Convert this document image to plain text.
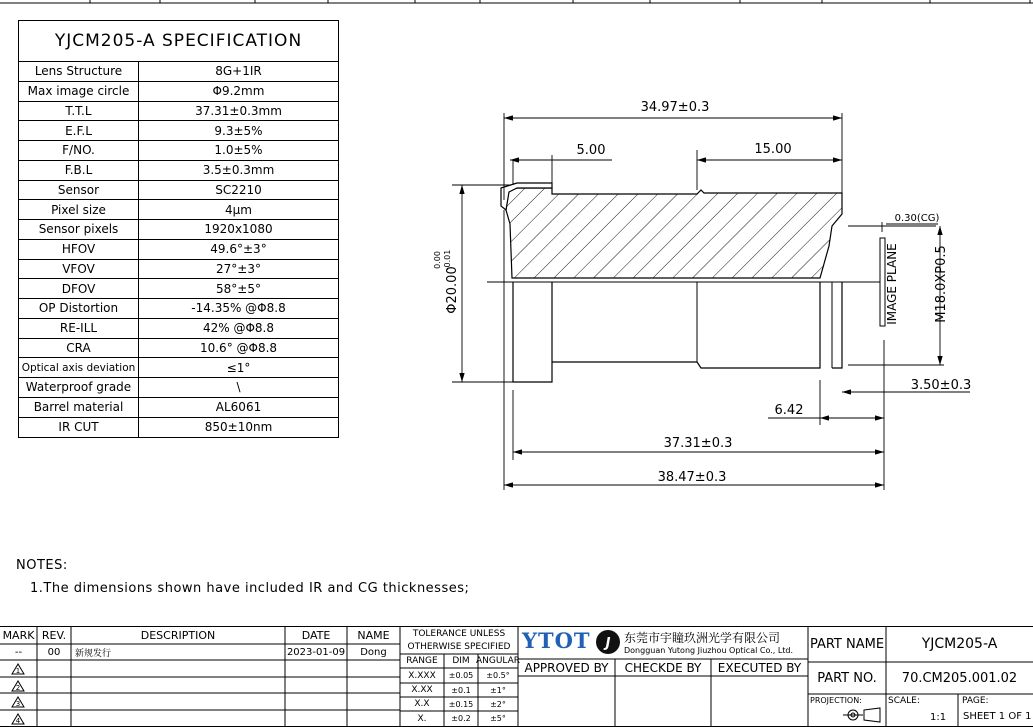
YJCM205-A SPECIFICATION
Lens Structure	8G+1IR
Max image circle	Φ9.2mm
T.T.L	37.31±0.3mm
E.F.L	9.3±5%
F/NO.	1.0±5%
F.B.L	3.5±0.3mm
Sensor	SC2210
Pixel size	4μm
Sensor pixels	1920x1080
HFOV	49.6°±3°
VFOV	27°±3°
DFOV	58°±5°
OP Distortion	-14.35% @Φ8.8
RE-ILL	42% @Φ8.8
CRA	10.6° @Φ8.8
Optical axis deviation	≤1°
Waterproof grade	\
Barrel material	AL6061
IR CUT	850±10nm
34.97±0.3
5.00	15.00
0.30(CG)
IMAGE PLANE	M18.0XP0.5
Φ20.00
0.00 -0.01
3.50±0.3
6.42
37.31±0.3
38.47±0.3
NOTES:
1.The dimensions shown have included IR and CG thicknesses;
1
2
3
4
J
MARK REV.	DESCRIPTION	DATE	NAME
--	00	新规发行	2023-01-09	Dong
TOLERANCE UNLESS
OTHERWISE SPECIFIED
RANGE	DIM ANGULAR
X.XXX	±0.05	±0.5°
X.XX	±0.1	±1°
X.X	±0.15	±2°
X.	±0.2	±5°
YTOT	东莞市宇瞳玖洲光学有限公司
Dongguan Yutong Jiuzhou Optical Co., Ltd.
APPROVED BY	CHECKDE BY	EXECUTED BY
PART NAME	YJCM205-A
PART NO.	70.CM205.001.02
PROJECTION:	SCALE:
1:1
PAGE:
SHEET 1 OF 1
